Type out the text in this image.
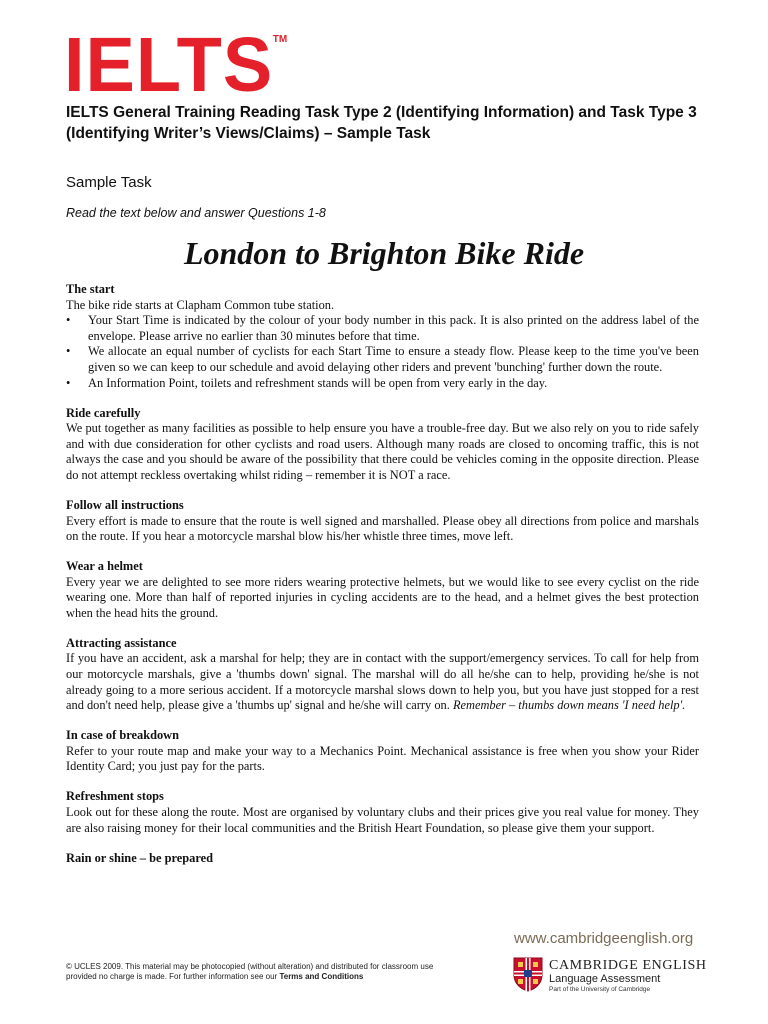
IELTS TM
IELTS General Training Reading Task Type 2 (Identifying Information) and Task Type 3 (Identifying Writer’s Views/Claims) – Sample Task
Sample Task
Read the text below and answer Questions 1-8
London to Brighton Bike Ride
The start

The bike ride starts at Clapham Common tube station.

• Your Start Time is indicated by the colour of your body number in this pack. It is also printed on the address label of the envelope. Please arrive no earlier than 30 minutes before that time.
• We allocate an equal number of cyclists for each Start Time to ensure a steady flow. Please keep to the time you've been given so we can keep to our schedule and avoid delaying other riders and prevent 'bunching' further down the route.
• An Information Point, toilets and refreshment stands will be open from very early in the day.
Ride carefully

We put together as many facilities as possible to help ensure you have a trouble-free day. But we also rely on you to ride safely and with due consideration for other cyclists and road users. Although many roads are closed to oncoming traffic, this is not always the case and you should be aware of the possibility that there could be vehicles coming in the opposite direction. Please do not attempt reckless overtaking whilst riding – remember it is NOT a race.

Follow all instructions

Every effort is made to ensure that the route is well signed and marshalled. Please obey all directions from police and marshals on the route. If you hear a motorcycle marshal blow his/her whistle three times, move left.

Wear a helmet

Every year we are delighted to see more riders wearing protective helmets, but we would like to see every cyclist on the ride wearing one. More than half of reported injuries in cycling accidents are to the head, and a helmet gives the best protection when the head hits the ground.

Attracting assistance

If you have an accident, ask a marshal for help; they are in contact with the support/emergency services. To call for help from our motorcycle marshals, give a 'thumbs down' signal. The marshal will do all he/she can to help, providing he/she is not already going to a more serious accident. If a motorcycle marshal slows down to help you, but you have just stopped for a rest and don't need help, please give a 'thumbs up' signal and he/she will carry on. Remember – thumbs down means 'I need help'.

In case of breakdown

Refer to your route map and make your way to a Mechanics Point. Mechanical assistance is free when you show your Rider Identity Card; you just pay for the parts.

Refreshment stops

Look out for these along the route. Most are organised by voluntary clubs and their prices give you real value for money. They are also raising money for their local communities and the British Heart Foundation, so please give them your support.

Rain or shine – be prepared
© UCLES 2009. This material may be photocopied (without alteration) and distributed for classroom use provided no charge is made. For further information see our Terms and Conditions
www.cambridgeenglish.org
CAMBRIDGE ENGLISH
Language Assessment
Part of the University of Cambridge
